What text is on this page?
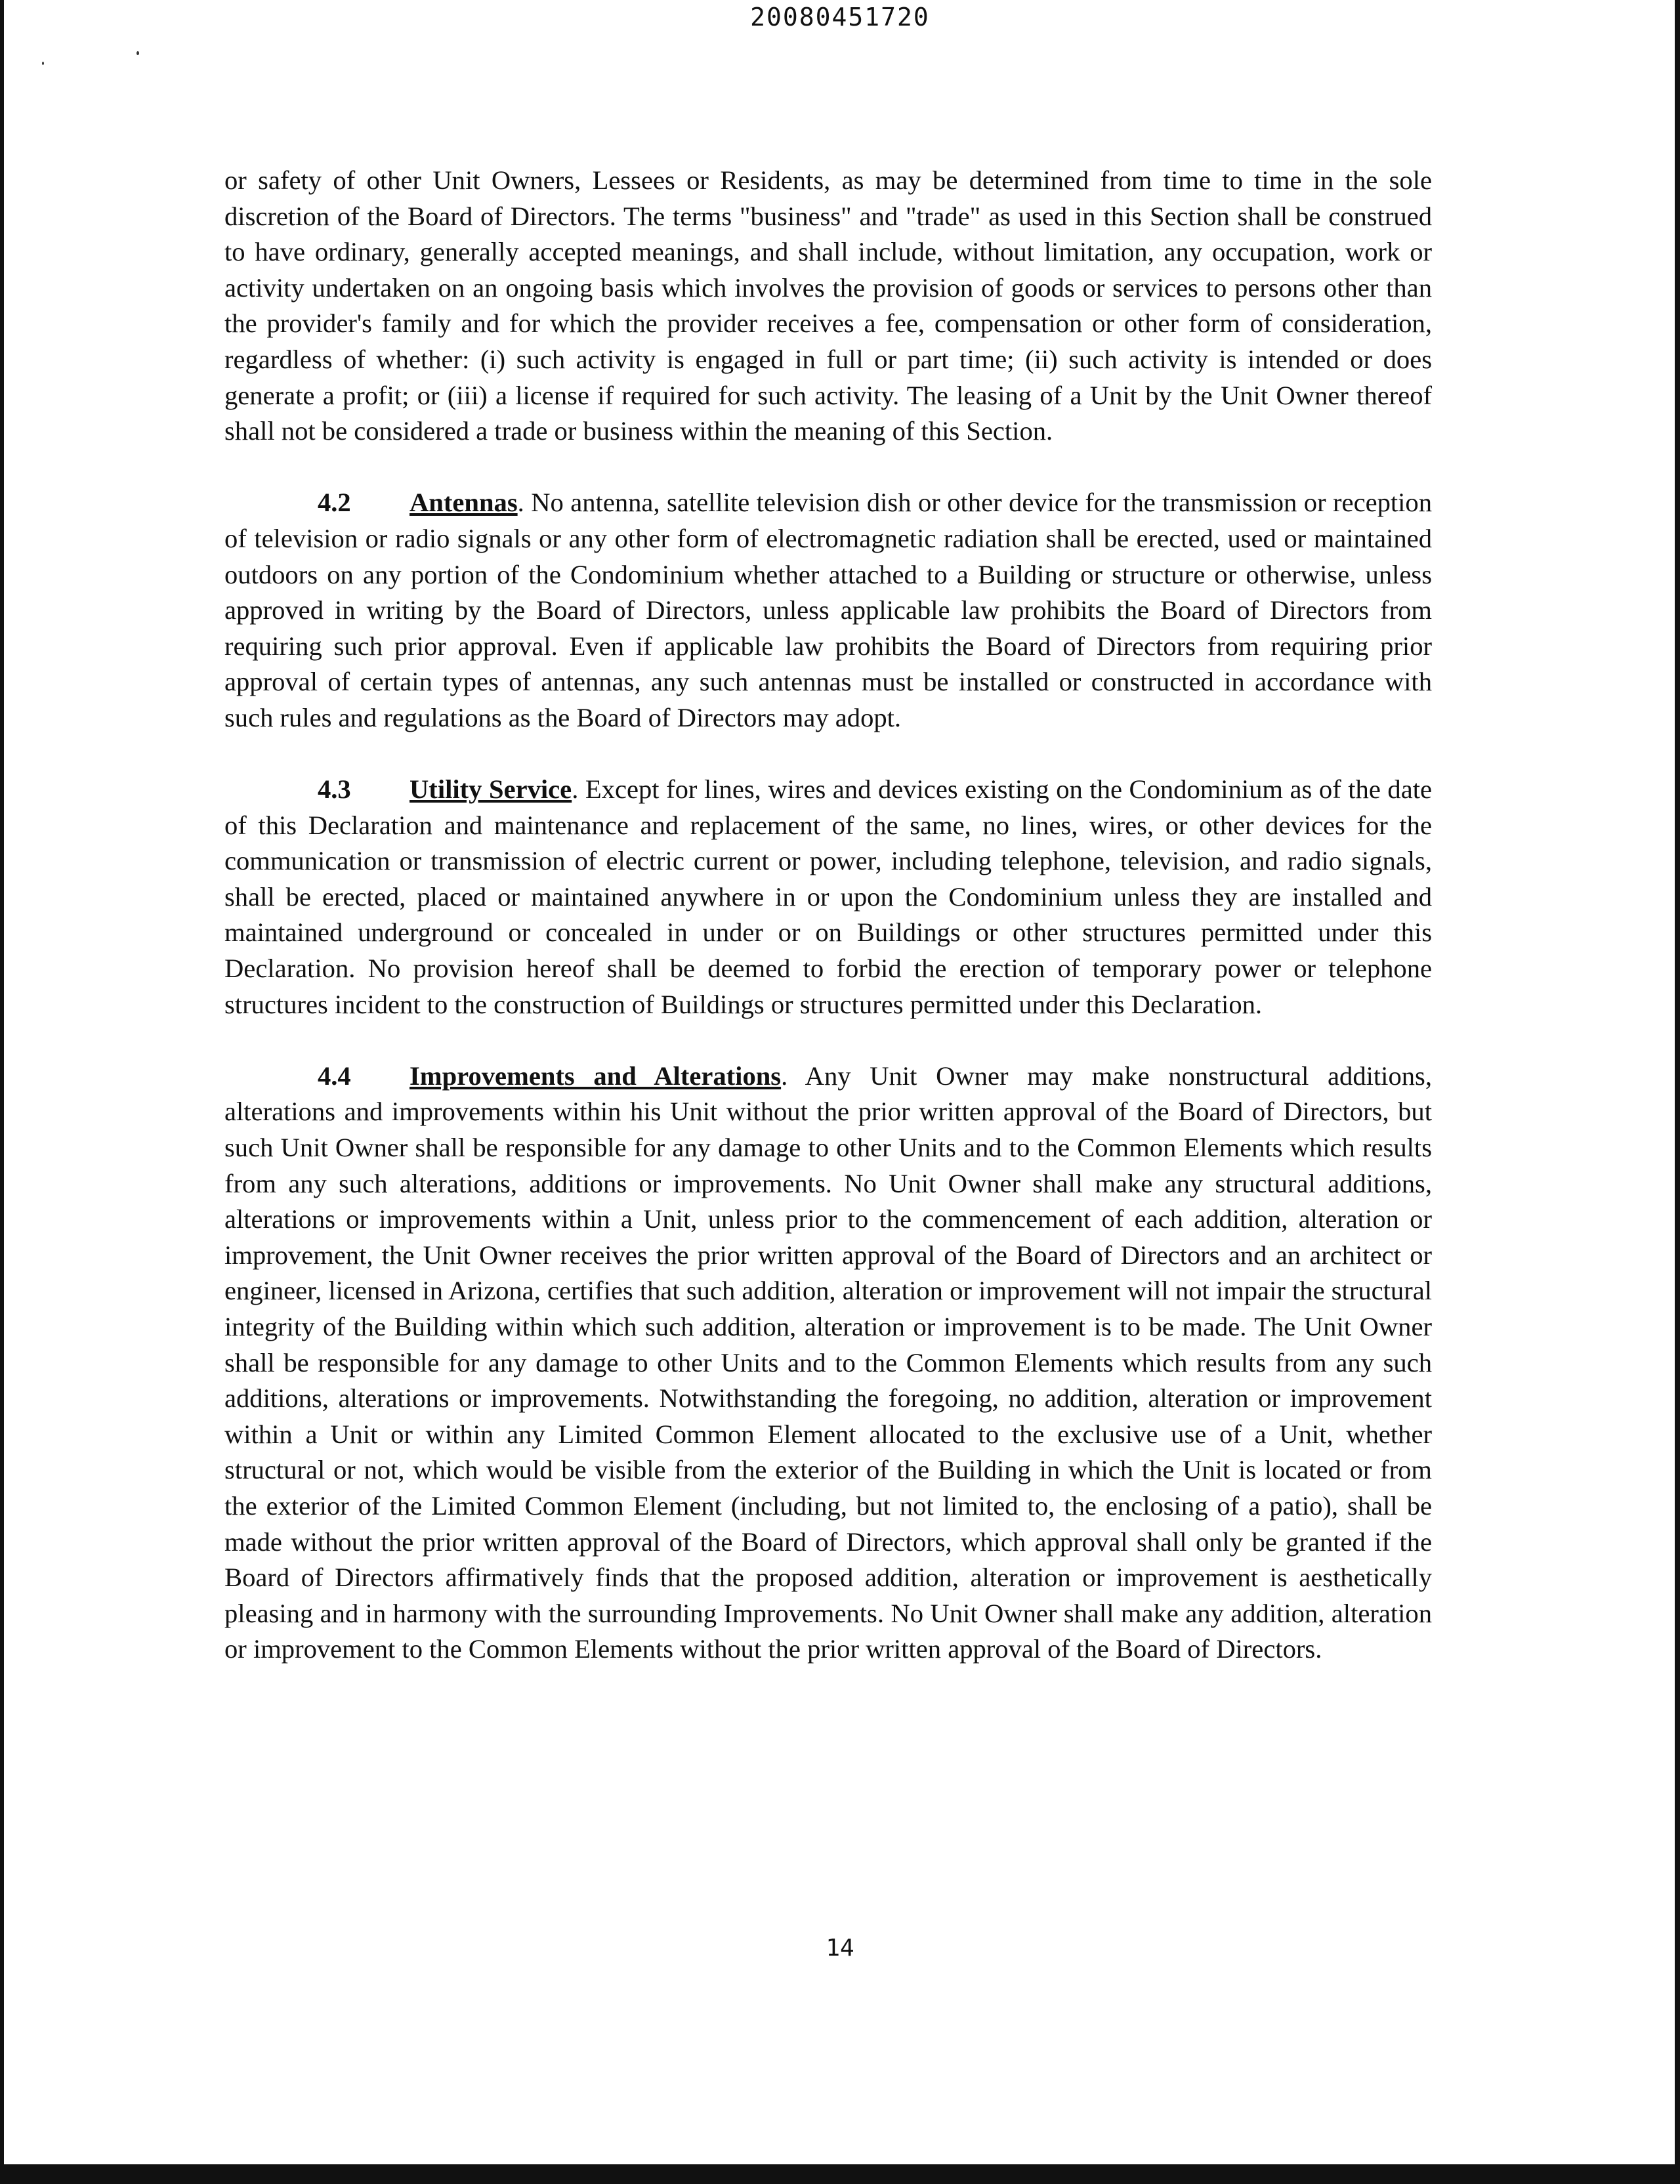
20080451720

or safety of other Unit Owners, Lessees or Residents, as may be determined from time to time in the sole discretion of the Board of Directors. The terms "business" and "trade" as used in this Section shall be construed to have ordinary, generally accepted meanings, and shall include, without limitation, any occupation, work or activity undertaken on an ongoing basis which involves the provision of goods or services to persons other than the provider's family and for which the provider receives a fee, compensation or other form of consideration, regardless of whether: (i) such activity is engaged in full or part time; (ii) such activity is intended or does generate a profit; or (iii) a license if required for such activity. The leasing of a Unit by the Unit Owner thereof shall not be considered a trade or business within the meaning of this Section.

4.2 Antennas. No antenna, satellite television dish or other device for the transmission or reception of television or radio signals or any other form of electromagnetic radiation shall be erected, used or maintained outdoors on any portion of the Condominium whether attached to a Building or structure or otherwise, unless approved in writing by the Board of Directors, unless applicable law prohibits the Board of Directors from requiring such prior approval. Even if applicable law prohibits the Board of Directors from requiring prior approval of certain types of antennas, any such antennas must be installed or constructed in accordance with such rules and regulations as the Board of Directors may adopt.

4.3 Utility Service. Except for lines, wires and devices existing on the Condominium as of the date of this Declaration and maintenance and replacement of the same, no lines, wires, or other devices for the communication or transmission of electric current or power, including telephone, television, and radio signals, shall be erected, placed or maintained anywhere in or upon the Condominium unless they are installed and maintained underground or concealed in under or on Buildings or other structures permitted under this Declaration. No provision hereof shall be deemed to forbid the erection of temporary power or telephone structures incident to the construction of Buildings or structures permitted under this Declaration.

4.4 Improvements and Alterations. Any Unit Owner may make nonstructural additions, alterations and improvements within his Unit without the prior written approval of the Board of Directors, but such Unit Owner shall be responsible for any damage to other Units and to the Common Elements which results from any such alterations, additions or improvements. No Unit Owner shall make any structural additions, alterations or improvements within a Unit, unless prior to the commencement of each addition, alteration or improvement, the Unit Owner receives the prior written approval of the Board of Directors and an architect or engineer, licensed in Arizona, certifies that such addition, alteration or improvement will not impair the structural integrity of the Building within which such addition, alteration or improvement is to be made. The Unit Owner shall be responsible for any damage to other Units and to the Common Elements which results from any such additions, alterations or improvements. Notwithstanding the foregoing, no addition, alteration or improvement within a Unit or within any Limited Common Element allocated to the exclusive use of a Unit, whether structural or not, which would be visible from the exterior of the Building in which the Unit is located or from the exterior of the Limited Common Element (including, but not limited to, the enclosing of a patio), shall be made without the prior written approval of the Board of Directors, which approval shall only be granted if the Board of Directors affirmatively finds that the proposed addition, alteration or improvement is aesthetically pleasing and in harmony with the surrounding Improvements. No Unit Owner shall make any addition, alteration or improvement to the Common Elements without the prior written approval of the Board of Directors.

14
